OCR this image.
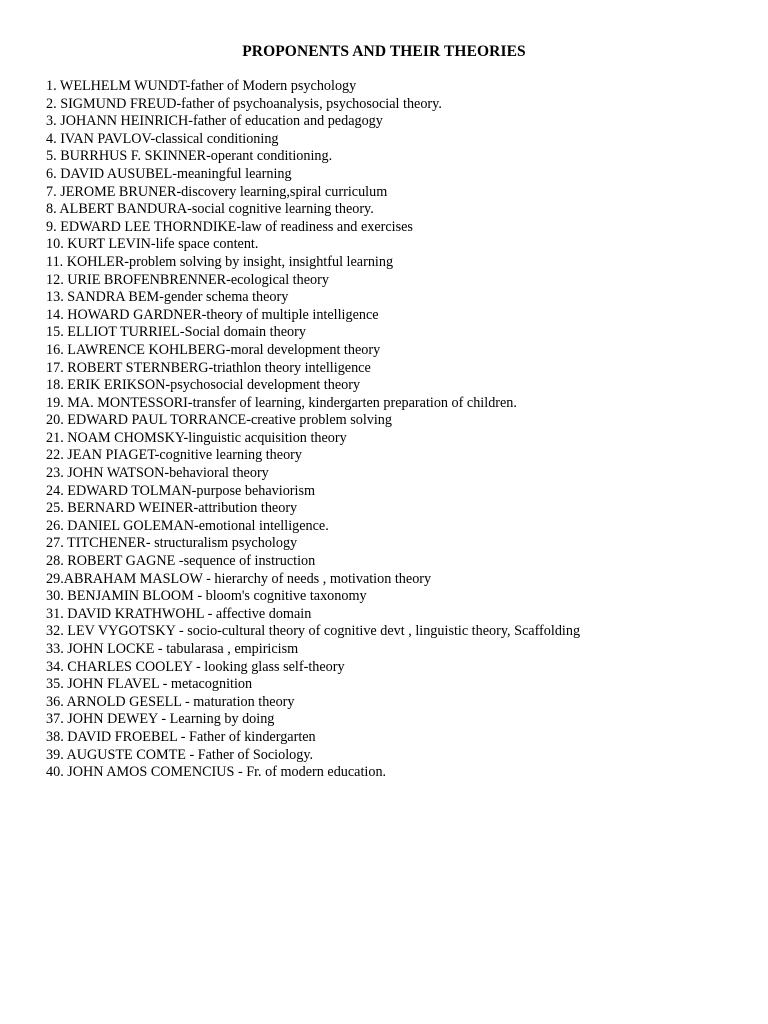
PROPONENTS AND THEIR THEORIES
1. WELHELM WUNDT-father of Modern psychology
2. SIGMUND FREUD-father of psychoanalysis, psychosocial theory.
3. JOHANN HEINRICH-father of education and pedagogy
4. IVAN PAVLOV-classical conditioning
5. BURRHUS F. SKINNER-operant conditioning.
6. DAVID AUSUBEL-meaningful learning
7. JEROME BRUNER-discovery learning,spiral curriculum
8. ALBERT BANDURA-social cognitive learning theory.
9. EDWARD LEE THORNDIKE-law of readiness and exercises
10. KURT LEVIN-life space content.
11. KOHLER-problem solving by insight, insightful learning
12. URIE BROFENBRENNER-ecological theory
13. SANDRA BEM-gender schema theory
14. HOWARD GARDNER-theory of multiple intelligence
15. ELLIOT TURRIEL-Social domain theory
16. LAWRENCE KOHLBERG-moral development theory
17. ROBERT STERNBERG-triathlon theory intelligence
18. ERIK ERIKSON-psychosocial development theory
19. MA. MONTESSORI-transfer of learning, kindergarten preparation of children.
20. EDWARD PAUL TORRANCE-creative problem solving
21. NOAM CHOMSKY-linguistic acquisition theory
22. JEAN PIAGET-cognitive learning theory
23. JOHN WATSON-behavioral theory
24. EDWARD TOLMAN-purpose behaviorism
25. BERNARD WEINER-attribution theory
26. DANIEL GOLEMAN-emotional intelligence.
27. TITCHENER- structuralism psychology
28. ROBERT GAGNE -sequence of instruction
29.ABRAHAM MASLOW - hierarchy of needs , motivation theory
30. BENJAMIN BLOOM - bloom's cognitive taxonomy
31. DAVID KRATHWOHL - affective domain
32. LEV VYGOTSKY - socio-cultural theory of cognitive devt , linguistic theory, Scaffolding
33. JOHN LOCKE - tabularasa , empiricism
34. CHARLES COOLEY - looking glass self-theory
35. JOHN FLAVEL - metacognition
36. ARNOLD GESELL - maturation theory
37. JOHN DEWEY - Learning by doing
38. DAVID FROEBEL - Father of kindergarten
39. AUGUSTE COMTE - Father of Sociology.
40. JOHN AMOS COMENCIUS - Fr. of modern education.
